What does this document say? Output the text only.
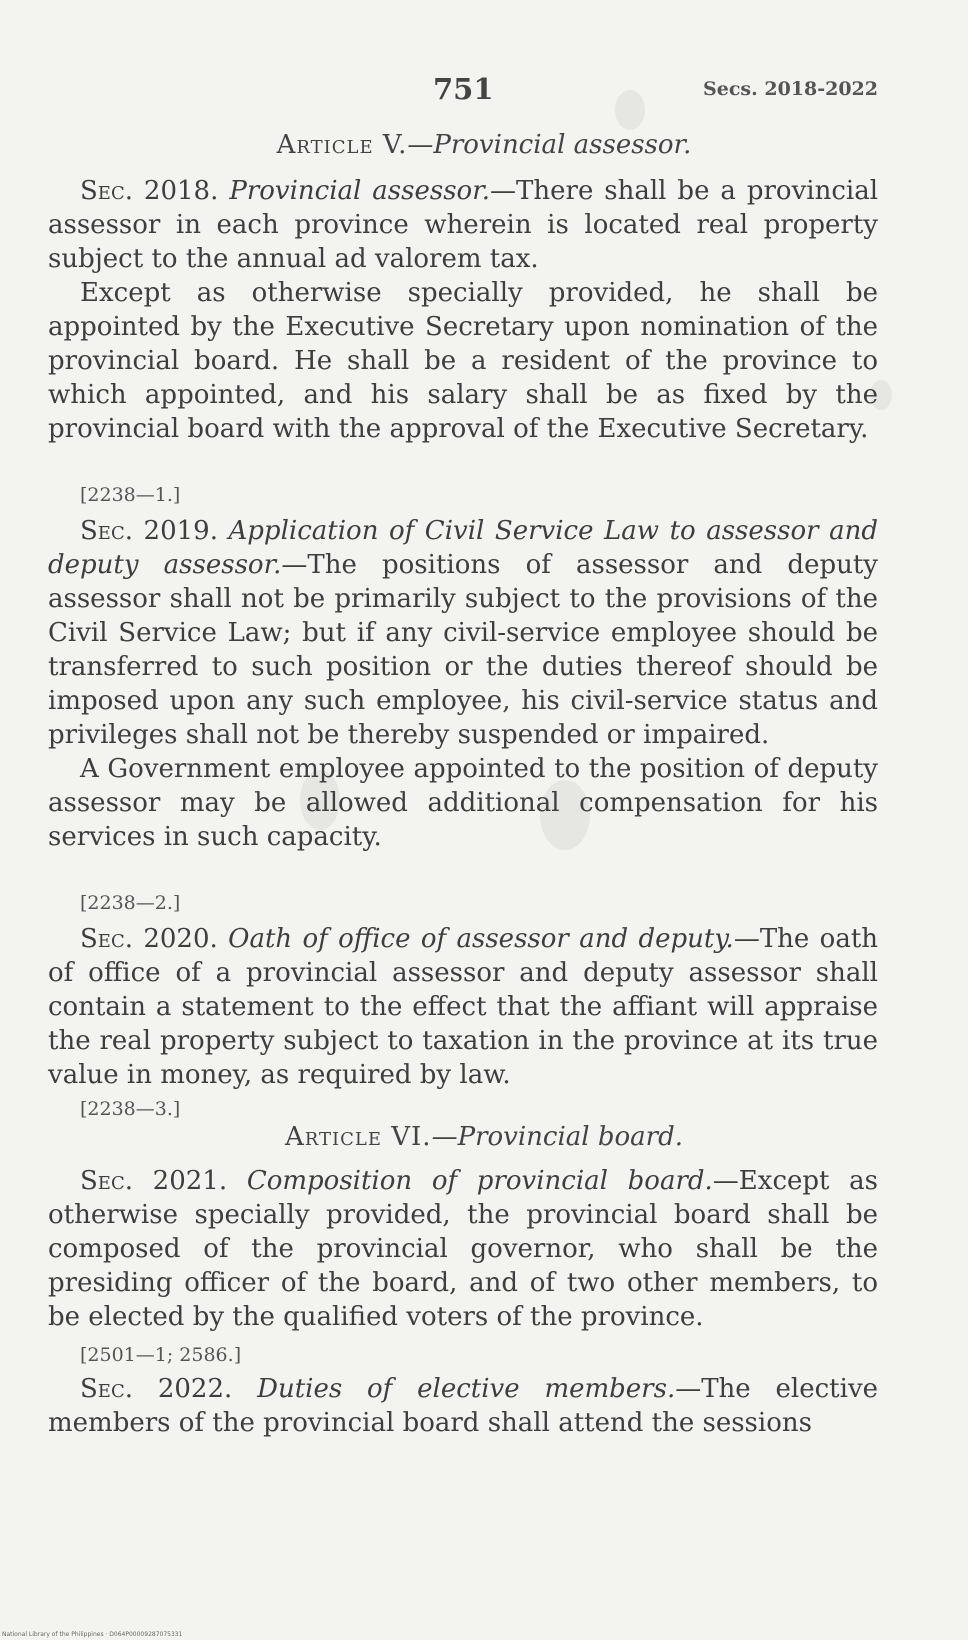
751	Secs. 2018-2022
Article V.—Provincial assessor.

Sec. 2018. Provincial assessor.—There shall be a provincial assessor in each province wherein is located real property subject to the annual ad valorem tax.

Except as otherwise specially provided, he shall be appointed by the Executive Secretary upon nomination of the provincial board. He shall be a resident of the province to which appointed, and his salary shall be as fixed by the provincial board with the approval of the Executive Secretary.

[2238—1.]

Sec. 2019. Application of Civil Service Law to assessor and deputy assessor.—The positions of assessor and deputy assessor shall not be primarily subject to the provisions of the Civil Service Law; but if any civil-service employee should be transferred to such position or the duties thereof should be imposed upon any such employee, his civil-service status and privileges shall not be thereby suspended or impaired.

A Government employee appointed to the position of deputy assessor may be allowed additional compensation for his services in such capacity.

[2238—2.]

Sec. 2020. Oath of office of assessor and deputy.—The oath of office of a provincial assessor and deputy assessor shall contain a statement to the effect that the affiant will appraise the real property subject to taxation in the province at its true value in money, as required by law.

[2238—3.]
Article VI.—Provincial board.

Sec. 2021. Composition of provincial board.—Except as otherwise specially provided, the provincial board shall be composed of the provincial governor, who shall be the presiding officer of the board, and of two other members, to be elected by the qualified voters of the province.

[2501—1; 2586.]

Sec. 2022. Duties of elective members.—The elective members of the provincial board shall attend the sessions

National Library of the Philippines · D064P00009287075331
